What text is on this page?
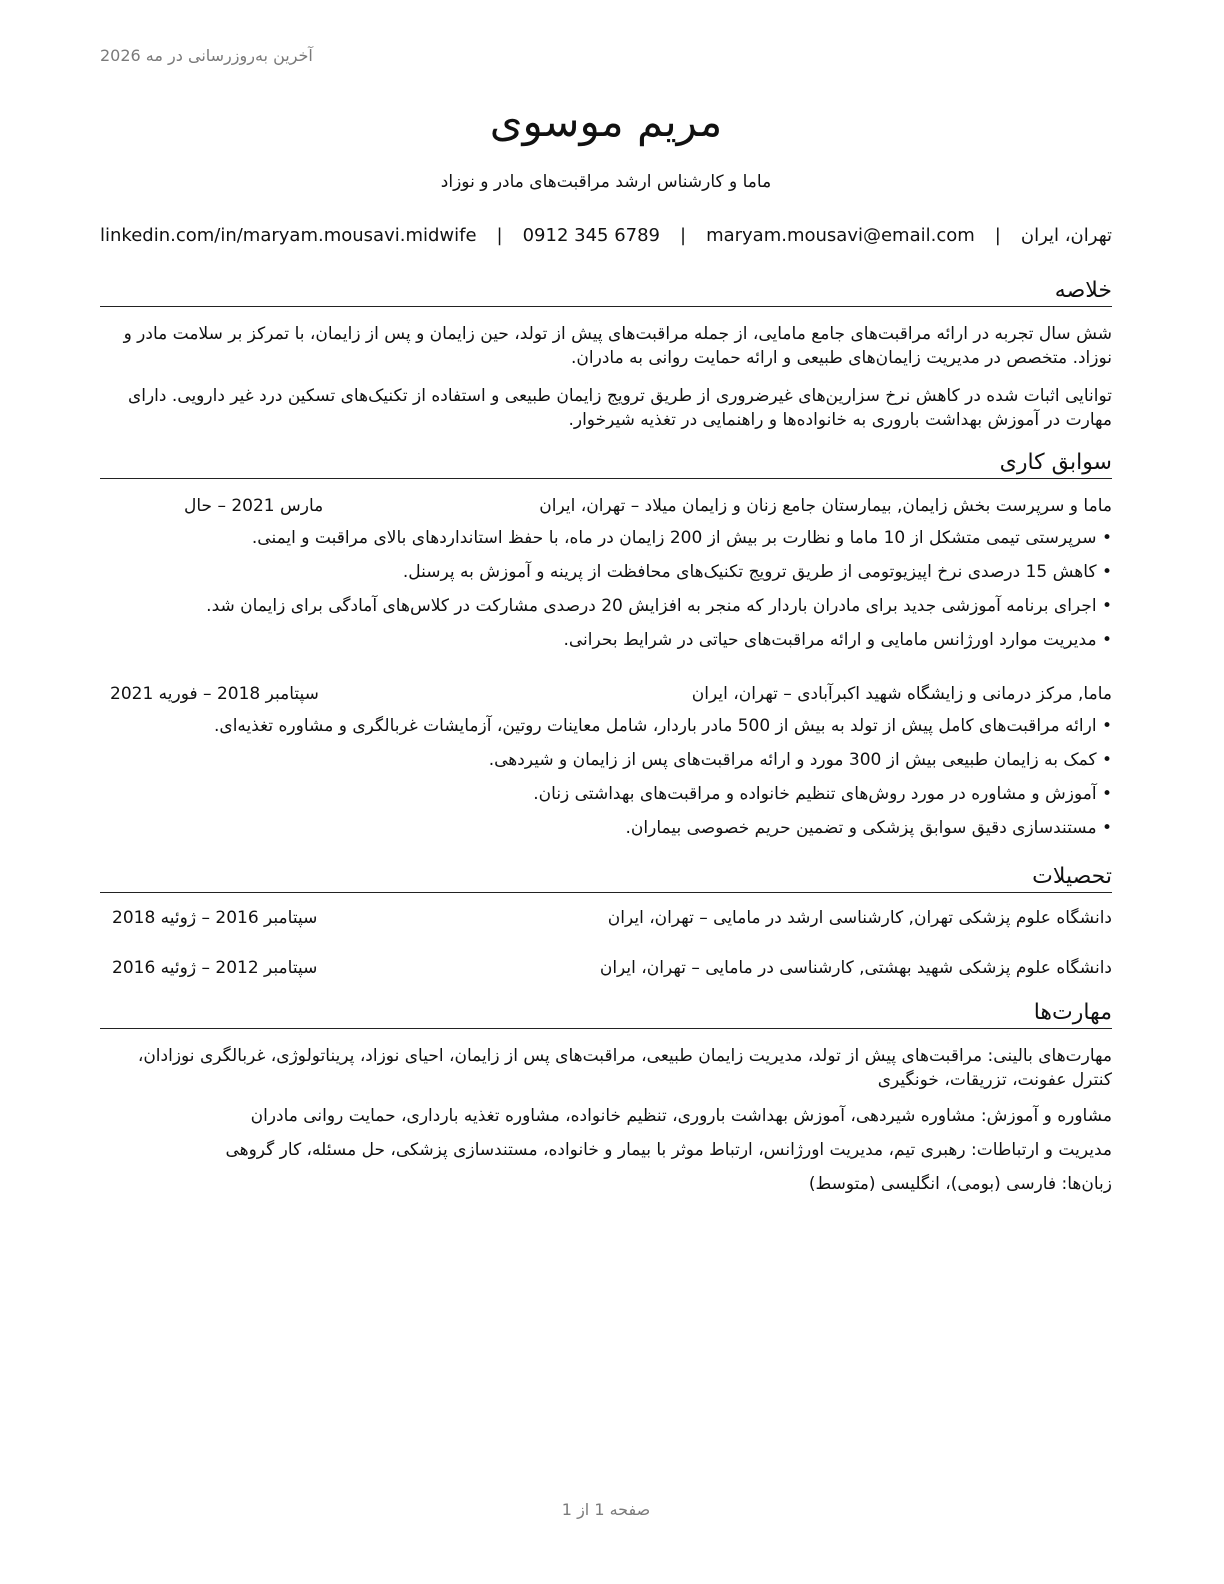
آخرین به‌روزرسانی در مه 2026
مریم موسوی
ماما و کارشناس ارشد مراقبت‌های مادر و نوزاد
تهران، ایران
|
maryam.mousavi@email.com
|
0912 345 6789
|
linkedin.com/in/maryam.mousavi.midwife
خلاصه
شش سال تجربه در ارائه مراقبت‌های جامع مامایی، از جمله مراقبت‌های پیش از تولد، حین زایمان و پس از زایمان، با تمرکز بر سلامت مادر و نوزاد. متخصص در مدیریت زایمان‌های طبیعی و ارائه حمایت روانی به مادران.
توانایی اثبات شده در کاهش نرخ سزارین‌های غیرضروری از طریق ترویج زایمان طبیعی و استفاده از تکنیک‌های تسکین درد غیر دارویی. دارای مهارت در آموزش بهداشت باروری به خانواده‌ها و راهنمایی در تغذیه شیرخوار.
سوابق کاری
ماما و سرپرست بخش زایمان, بیمارستان جامع زنان و زایمان میلاد – تهران، ایران
مارس 2021 – حال
• سرپرستی تیمی متشکل از 10 ماما و نظارت بر بیش از 200 زایمان در ماه، با حفظ استانداردهای بالای مراقبت و ایمنی.
• کاهش 15 درصدی نرخ اپیزیوتومی از طریق ترویج تکنیک‌های محافظت از پرینه و آموزش به پرسنل.
• اجرای برنامه آموزشی جدید برای مادران باردار که منجر به افزایش 20 درصدی مشارکت در کلاس‌های آمادگی برای زایمان شد.
• مدیریت موارد اورژانس مامایی و ارائه مراقبت‌های حیاتی در شرایط بحرانی.
ماما, مرکز درمانی و زایشگاه شهید اکبرآبادی – تهران، ایران
سپتامبر 2018 – فوریه 2021
• ارائه مراقبت‌های کامل پیش از تولد به بیش از 500 مادر باردار، شامل معاینات روتین، آزمایشات غربالگری و مشاوره تغذیه‌ای.
• کمک به زایمان طبیعی بیش از 300 مورد و ارائه مراقبت‌های پس از زایمان و شیردهی.
• آموزش و مشاوره در مورد روش‌های تنظیم خانواده و مراقبت‌های بهداشتی زنان.
• مستندسازی دقیق سوابق پزشکی و تضمین حریم خصوصی بیماران.
تحصیلات
دانشگاه علوم پزشکی تهران, کارشناسی ارشد در مامایی – تهران، ایران
سپتامبر 2016 – ژوئیه 2018
دانشگاه علوم پزشکی شهید بهشتی, کارشناسی در مامایی – تهران، ایران
سپتامبر 2012 – ژوئیه 2016
مهارت‌ها
مهارت‌های بالینی: مراقبت‌های پیش از تولد، مدیریت زایمان طبیعی، مراقبت‌های پس از زایمان، احیای نوزاد، پریناتولوژی، غربالگری نوزادان، کنترل عفونت، تزریقات، خونگیری
مشاوره و آموزش: مشاوره شیردهی، آموزش بهداشت باروری، تنظیم خانواده، مشاوره تغذیه بارداری، حمایت روانی مادران
مدیریت و ارتباطات: رهبری تیم، مدیریت اورژانس، ارتباط موثر با بیمار و خانواده، مستندسازی پزشکی، حل مسئله، کار گروهی
زبان‌ها: فارسی (بومی)، انگلیسی (متوسط)
صفحه 1 از 1
